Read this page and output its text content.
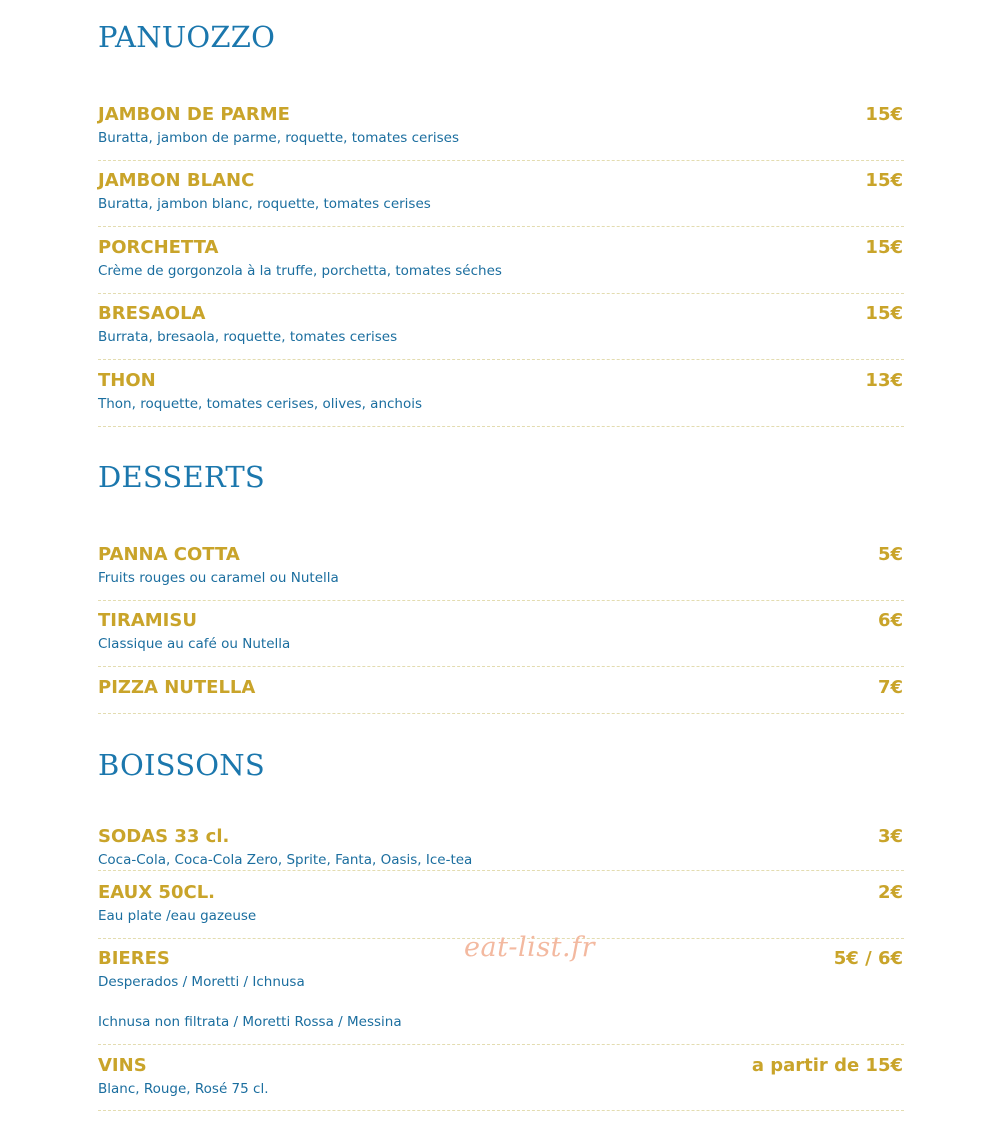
PANUOZZO
JAMBON DE PARME	15€
Buratta, jambon de parme, roquette, tomates cerises
JAMBON BLANC	15€
Buratta, jambon blanc, roquette, tomates cerises
PORCHETTA	15€
Crème de gorgonzola à la truffe, porchetta, tomates séches
BRESAOLA	15€
Burrata, bresaola, roquette, tomates cerises
THON	13€
Thon, roquette, tomates cerises, olives, anchois
DESSERTS
PANNA COTTA	5€
Fruits rouges ou caramel ou Nutella
TIRAMISU	6€
Classique au café ou Nutella
PIZZA NUTELLA	7€
BOISSONS
SODAS 33 cl.	3€
Coca-Cola, Coca-Cola Zero, Sprite, Fanta, Oasis, Ice-tea
EAUX 50CL.	2€
Eau plate /eau gazeuse
BIERES	5€ / 6€
Desperados / Moretti / Ichnusa
Ichnusa non filtrata / Moretti Rossa / Messina
VINS	a partir de 15€
Blanc, Rouge, Rosé 75 cl.
eat-list.fr
